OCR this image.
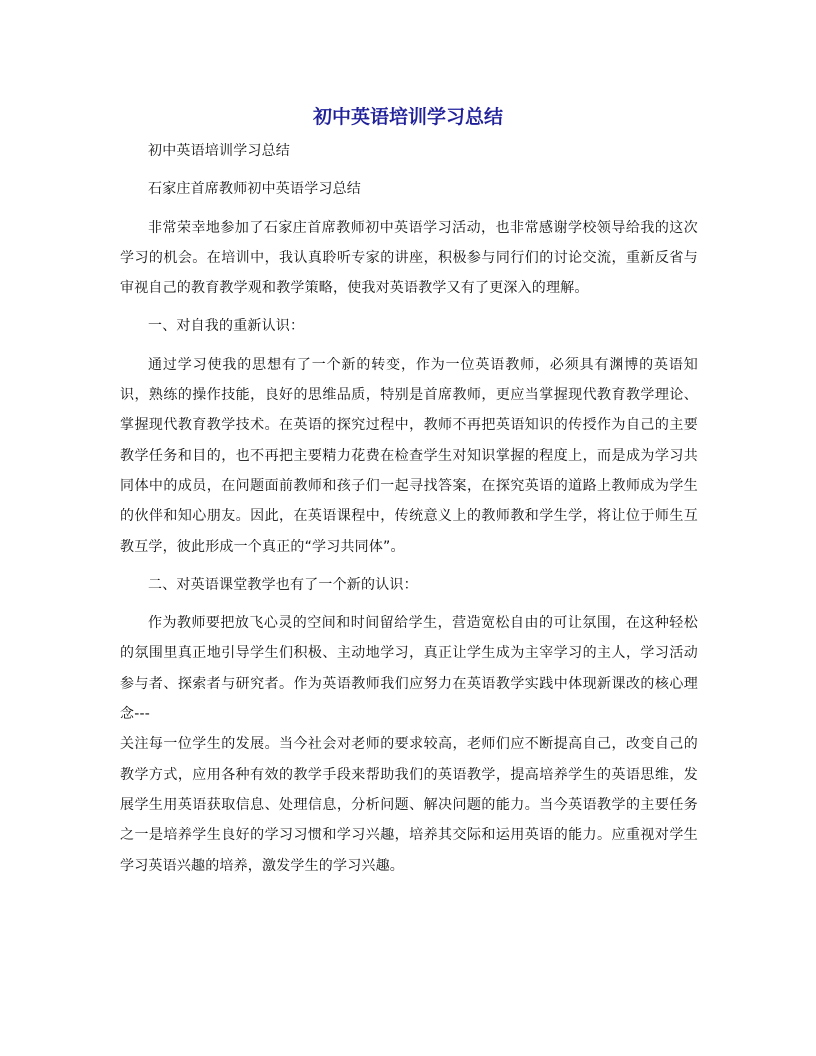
初中英语培训学习总结

初中英语培训学习总结

石家庄首席教师初中英语学习总结

非常荣幸地参加了石家庄首席教师初中英语学习活动，也非常感谢学校领导给我的这次学习的机会。在培训中，我认真聆听专家的讲座，积极参与同行们的讨论交流，重新反省与审视自己的教育教学观和教学策略，使我对英语教学又有了更深入的理解。

一、对自我的重新认识：

通过学习使我的思想有了一个新的转变，作为一位英语教师，必须具有渊博的英语知识，熟练的操作技能，良好的思维品质，特别是首席教师，更应当掌握现代教育教学理论、掌握现代教育教学技术。在英语的探究过程中，教师不再把英语知识的传授作为自己的主要教学任务和目的，也不再把主要精力花费在检查学生对知识掌握的程度上，而是成为学习共同体中的成员，在问题面前教师和孩子们一起寻找答案，在探究英语的道路上教师成为学生的伙伴和知心朋友。因此，在英语课程中，传统意义上的教师教和学生学，将让位于师生互教互学，彼此形成一个真正的“学习共同体”。

二、对英语课堂教学也有了一个新的认识：

作为教师要把放飞心灵的空间和时间留给学生，营造宽松自由的可让氛围，在这种轻松的氛围里真正地引导学生们积极、主动地学习，真正让学生成为主宰学习的主人，学习活动参与者、探索者与研究者。作为英语教师我们应努力在英语教学实践中体现新课改的核心理念---

关注每一位学生的发展。当今社会对老师的要求较高，老师们应不断提高自己，改变自己的教学方式，应用各种有效的教学手段来帮助我们的英语教学，提高培养学生的英语思维，发展学生用英语获取信息、处理信息，分析问题、解决问题的能力。当今英语教学的主要任务之一是培养学生良好的学习习惯和学习兴趣，培养其交际和运用英语的能力。应重视对学生学习英语兴趣的培养，激发学生的学习兴趣。
